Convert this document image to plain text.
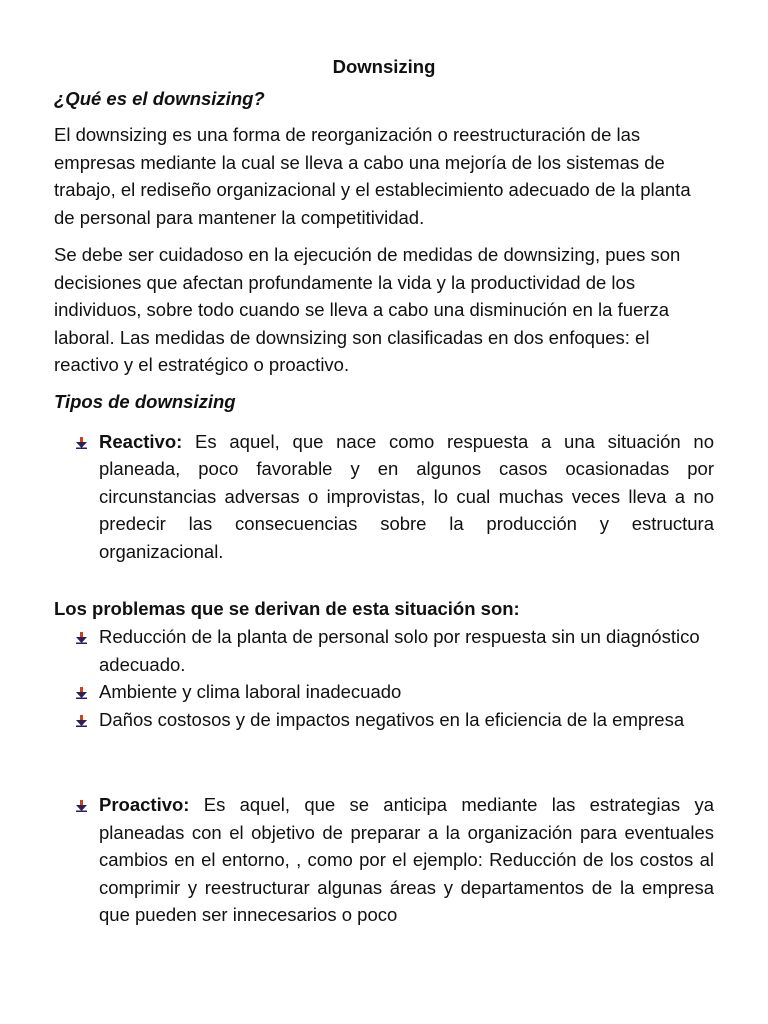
Downsizing
¿Qué es el downsizing?

El downsizing es una forma de reorganización o reestructuración de las empresas mediante la cual se lleva a cabo una mejoría de los sistemas de trabajo, el rediseño organizacional y el establecimiento adecuado de la planta de personal para mantener la competitividad.

Se debe ser cuidadoso en la ejecución de medidas de downsizing, pues son decisiones que afectan profundamente la vida y la productividad de los individuos, sobre todo cuando se lleva a cabo una disminución en la fuerza laboral. Las medidas de downsizing son clasificadas en dos enfoques: el reactivo y el estratégico o proactivo.

Tipos de downsizing
Reactivo: Es aquel, que nace como respuesta a una situación no planeada, poco favorable y en algunos casos ocasionadas por circunstancias adversas o improvistas, lo cual muchas veces lleva a no predecir las consecuencias sobre la producción y estructura organizacional.
Los problemas que se derivan de esta situación son:
Reducción de la planta de personal solo por respuesta sin un diagnóstico adecuado.
Ambiente y clima laboral inadecuado
Daños costosos y de impactos negativos en la eficiencia de la empresa
Proactivo: Es aquel, que se anticipa mediante las estrategias ya planeadas con el objetivo de preparar a la organización para eventuales cambios en el entorno, , como por el ejemplo: Reducción de los costos al comprimir y reestructurar algunas áreas y departamentos de la empresa que pueden ser innecesarios o poco
